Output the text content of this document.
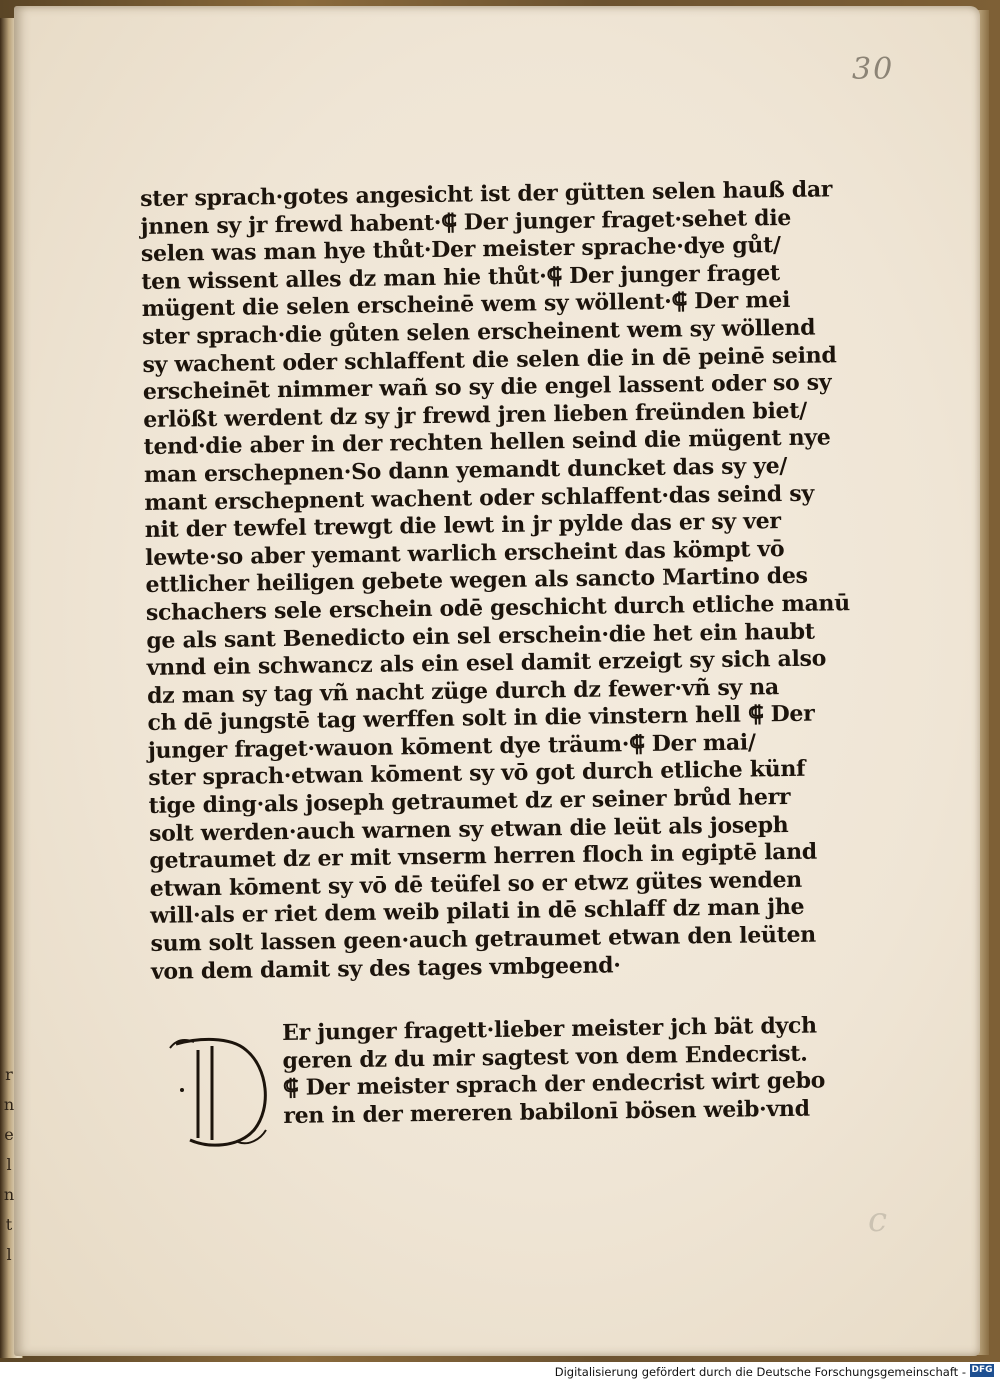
r
n
e
l
n
t
l
30
c
ster sprach·gotes angesicht ist der gütten selen hauß dar
jnnen sy jr frewd habent·⸿ Der junger fraget·sehet die
selen was man hye thůt·Der meister sprache·dye gůt/
ten wissent alles dz man hie thůt·⸿ Der junger fraget
mügent die selen erscheinē wem sy wöllent·⸿ Der mei
ster sprach·die gůten selen erscheinent wem sy wöllend
sy wachent oder schlaffent die selen die in dē peinē seind
erscheinēt nimmer wañ so sy die engel lassent oder so sy
erlößt werdent dz sy jr frewd jren lieben freünden biet/
tend·die aber in der rechten hellen seind die mügent nye
man erschepnen·So dann yemandt duncket das sy ye/
mant erschepnent wachent oder schlaffent·das seind sy
nit der tewfel trewgt die lewt in jr pylde das er sy ver
lewte·so aber yemant warlich erscheint das kömpt vō
ettlicher heiligen gebete wegen als sancto Martino des
schachers sele erschein odē geschicht durch etliche manū
ge als sant Benedicto ein sel erschein·die het ein haubt
vnnd ein schwancz als ein esel damit erzeigt sy sich also
dz man sy tag vñ nacht züge durch dz fewer·vñ sy na
ch dē jungstē tag werffen solt in die vinstern hell ⸿ Der
junger fraget·wauon kōment dye träum·⸿ Der mai/
ster sprach·etwan kōment sy vō got durch etliche künf
tige ding·als joseph getraumet dz er seiner brůd herr
solt werden·auch warnen sy etwan die leüt als joseph
getraumet dz er mit vnserm herren floch in egiptē land
etwan kōment sy vō dē teüfel so er etwz gütes wenden
will·als er riet dem weib pilati in dē schlaff dz man jhe
sum solt lassen geen·auch getraumet etwan den leüten
von dem damit sy des tages vmbgeend·
Er junger fragett·lieber meister jch bät dych
geren dz du mir sagtest von dem Endecrist.
⸿ Der meister sprach der endecrist wirt gebo
ren in der mereren babilonī bösen weib·vnd
Digitalisierung gefördert durch die Deutsche Forschungsgemeinschaft - DFG
